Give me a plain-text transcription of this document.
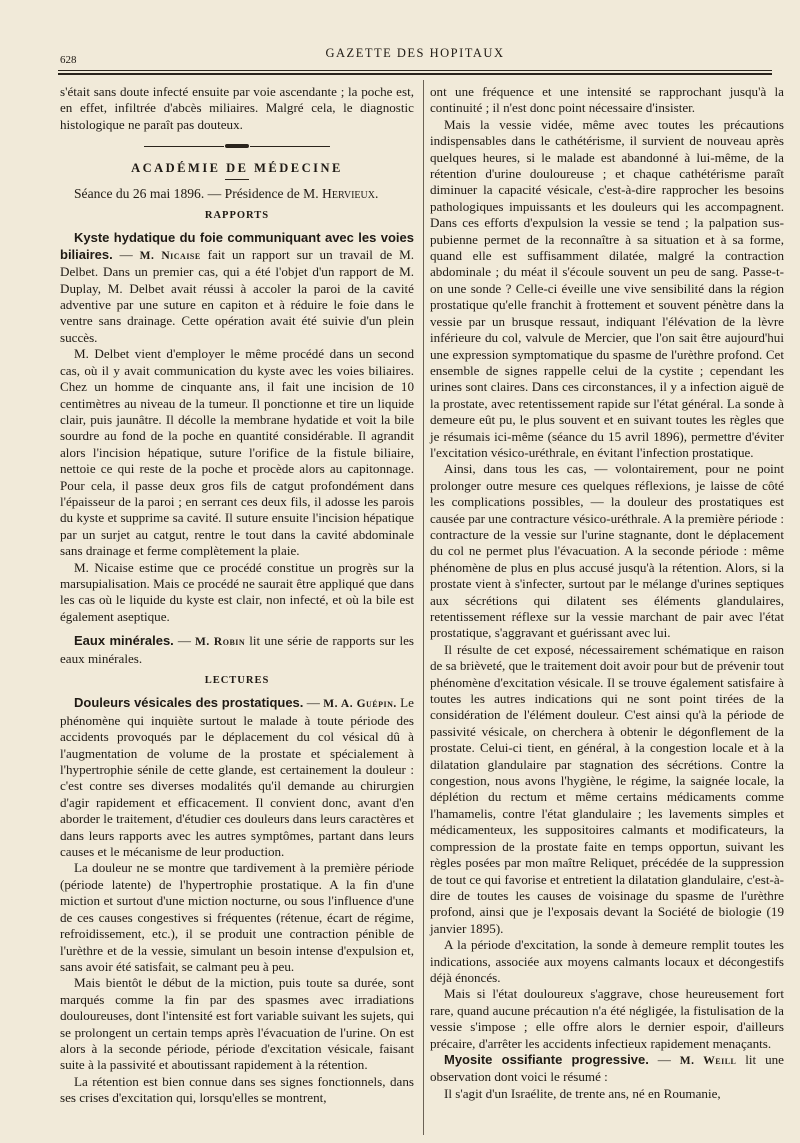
628	GAZETTE DES HOPITAUX

s'était sans doute infecté ensuite par voie ascendante ; la poche est, en effet, infiltrée d'abcès miliaires. Malgré cela, le diagnostic histologique ne paraît pas douteux.

ACADÉMIE DE MÉDECINE

Séance du 26 mai 1896. — Présidence de M. Hervieux.

RAPPORTS

Kyste hydatique du foie communiquant avec les voies biliaires. — M. Nicaise fait un rapport sur un travail de M. Delbet. Dans un premier cas, qui a été l'objet d'un rapport de M. Duplay, M. Delbet avait réussi à accoler la paroi de la cavité adventive par une suture en capiton et à réduire le foie dans le ventre sans drainage. Cette opération avait été suivie d'un plein succès.

M. Delbet vient d'employer le même procédé dans un second cas, où il y avait communication du kyste avec les voies biliaires. Chez un homme de cinquante ans, il fait une incision de 10 centimètres au niveau de la tumeur. Il ponctionne et tire un liquide clair, puis jaunâtre. Il décolle la membrane hydatide et voit la bile sourdre au fond de la poche en quantité considérable. Il agrandit alors l'incision hépatique, suture l'orifice de la fistule biliaire, nettoie ce qui reste de la poche et procède alors au capitonnage. Pour cela, il passe deux gros fils de catgut profondément dans l'épaisseur de la paroi ; en serrant ces deux fils, il adosse les parois du kyste et supprime sa cavité. Il suture ensuite l'incision hépatique par un surjet au catgut, rentre le tout dans la cavité abdominale sans drainage et ferme complètement la plaie.

M. Nicaise estime que ce procédé constitue un progrès sur la marsupialisation. Mais ce procédé ne saurait être appliqué que dans les cas où le liquide du kyste est clair, non infecté, et où la bile est également aseptique.

Eaux minérales. — M. Robin lit une série de rapports sur les eaux minérales.

LECTURES

Douleurs vésicales des prostatiques. — M. A. Guépin. Le phénomène qui inquiète surtout le malade à toute période des accidents provoqués par le déplacement du col vésical dû à l'augmentation de volume de la prostate et spécialement à l'hypertrophie sénile de cette glande, est certainement la douleur : c'est contre ses diverses modalités qu'il demande au chirurgien d'agir rapidement et efficacement. Il convient donc, avant d'en aborder le traitement, d'étudier ces douleurs dans leurs caractères et dans leurs rapports avec les autres symptômes, partant dans leurs causes et le mécanisme de leur production.

La douleur ne se montre que tardivement à la première période (période latente) de l'hypertrophie prostatique. A la fin d'une miction et surtout d'une miction nocturne, ou sous l'influence d'une de ces causes congestives si fréquentes (rétenue, écart de régime, refroidissement, etc.), il se produit une contraction pénible de l'urèthre et de la vessie, simulant un besoin intense d'expulsion et, sans avoir été satisfait, se calmant peu à peu.

Mais bientôt le début de la miction, puis toute sa durée, sont marqués comme la fin par des spasmes avec irradiations douloureuses, dont l'intensité est fort variable suivant les sujets, qui se prolongent un certain temps après l'évacuation de l'urine. On est alors à la seconde période, période d'excitation vésicale, faisant suite à la passivité et aboutissant rapidement à la rétention.

La rétention est bien connue dans ses signes fonctionnels, dans ses crises d'excitation qui, lorsqu'elles se montrent,

ont une fréquence et une intensité se rapprochant jusqu'à la continuité ; il n'est donc point nécessaire d'insister.

Mais la vessie vidée, même avec toutes les précautions indispensables dans le cathétérisme, il survient de nouveau après quelques heures, si le malade est abandonné à lui-même, de la rétention d'urine douloureuse ; et chaque cathétérisme paraît diminuer la capacité vésicale, c'est-à-dire rapprocher les besoins pathologiques impuissants et les douleurs qui les accompagnent. Dans ces efforts d'expulsion la vessie se tend ; la palpation sus-pubienne permet de la reconnaître à sa situation et à sa forme, quand elle est suffisamment dilatée, malgré la contraction abdominale ; du méat il s'écoule souvent un peu de sang. Passe-t-on une sonde ? Celle-ci éveille une vive sensibilité dans la région prostatique qu'elle franchit à frottement et souvent pénètre dans la vessie par un brusque ressaut, indiquant l'élévation de la lèvre inférieure du col, valvule de Mercier, que l'on sait être aujourd'hui une expression symptomatique du spasme de l'urèthre profond. Cet ensemble de signes rappelle celui de la cystite ; cependant les urines sont claires. Dans ces circonstances, il y a infection aiguë de la prostate, avec retentissement rapide sur l'état général. La sonde à demeure eût pu, le plus souvent et en suivant toutes les règles que je résumais ici-même (séance du 15 avril 1896), permettre d'éviter l'excitation vésico-uréthrale, en évitant l'infection prostatique.

Ainsi, dans tous les cas, — volontairement, pour ne point prolonger outre mesure ces quelques réflexions, je laisse de côté les complications possibles, — la douleur des prostatiques est causée par une contracture vésico-uréthrale. A la première période : contracture de la vessie sur l'urine stagnante, dont le déplacement du col ne permet plus l'évacuation. A la seconde période : même phénomène de plus en plus accusé jusqu'à la rétention. Alors, si la prostate vient à s'infecter, surtout par le mélange d'urines septiques aux sécrétions qui dilatent ses éléments glandulaires, retentissement réflexe sur la vessie marchant de pair avec l'état prostatique, s'aggravant et guérissant avec lui.

Il résulte de cet exposé, nécessairement schématique en raison de sa brièveté, que le traitement doit avoir pour but de prévenir tout phénomène d'excitation vésicale. Il se trouve également satisfaire à toutes les autres indications qui ne sont point tirées de la considération de l'élément douleur. C'est ainsi qu'à la période de passivité vésicale, on cherchera à obtenir le dégonflement de la prostate. Celui-ci tient, en général, à la congestion locale et à la dilatation glandulaire par stagnation des sécrétions. Contre la congestion, nous avons l'hygiène, le régime, la saignée locale, la déplétion du rectum et même certains médicaments comme l'hamamelis, contre l'état glandulaire ; les lavements simples et médicamenteux, les suppositoires calmants et modificateurs, la compression de la prostate faite en temps opportun, suivant les règles posées par mon maître Reliquet, précédée de la suppression de tout ce qui favorise et entretient la dilatation glandulaire, c'est-à-dire de toutes les causes de voisinage du spasme de l'urèthre profond, ainsi que je l'exposais devant la Société de biologie (19 janvier 1895).

A la période d'excitation, la sonde à demeure remplit toutes les indications, associée aux moyens calmants locaux et décongestifs déjà énoncés.

Mais si l'état douloureux s'aggrave, chose heureusement fort rare, quand aucune précaution n'a été négligée, la fistulisation de la vessie s'impose ; elle offre alors le dernier espoir, d'ailleurs précaire, d'arrêter les accidents infectieux rapidement menaçants.

Myosite ossifiante progressive. — M. Weill lit une observation dont voici le résumé :

Il s'agit d'un Israélite, de trente ans, né en Roumanie,
